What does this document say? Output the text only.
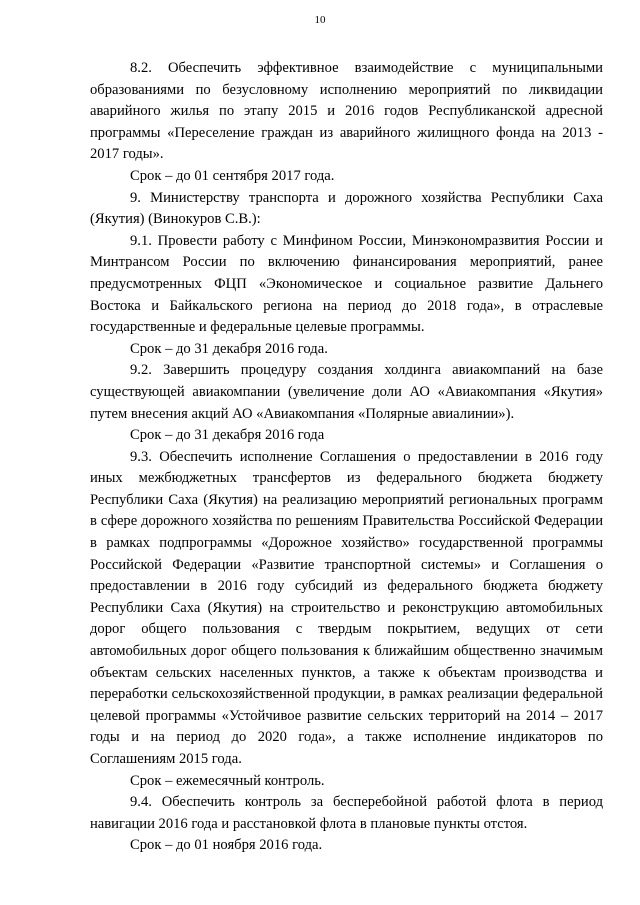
10

8.2. Обеспечить эффективное взаимодействие с муниципальными образованиями по безусловному исполнению мероприятий по ликвидации аварийного жилья по этапу 2015 и 2016 годов Республиканской адресной программы «Переселение граждан из аварийного жилищного фонда на 2013 - 2017 годы».

Срок – до 01 сентября 2017 года.

9. Министерству транспорта и дорожного хозяйства Республики Саха (Якутия) (Винокуров С.В.):

9.1. Провести работу с Минфином России, Минэкономразвития России и Минтрансом России по включению финансирования мероприятий, ранее предусмотренных ФЦП «Экономическое и социальное развитие Дальнего Востока и Байкальского региона на период до 2018 года», в отраслевые государственные и федеральные целевые программы.

Срок – до 31 декабря 2016 года.

9.2. Завершить процедуру создания холдинга авиакомпаний на базе существующей авиакомпании (увеличение доли АО «Авиакомпания «Якутия» путем внесения акций АО «Авиакомпания «Полярные авиалинии»).

Срок – до 31 декабря 2016 года

9.3. Обеспечить исполнение Соглашения о предоставлении в 2016 году иных межбюджетных трансфертов из федерального бюджета бюджету Республики Саха (Якутия) на реализацию мероприятий региональных программ в сфере дорожного хозяйства по решениям Правительства Российской Федерации в рамках подпрограммы «Дорожное хозяйство» государственной программы Российской Федерации «Развитие транспортной системы» и Соглашения о предоставлении в 2016 году субсидий из федерального бюджета бюджету Республики Саха (Якутия) на строительство и реконструкцию автомобильных дорог общего пользования с твердым покрытием, ведущих от сети автомобильных дорог общего пользования к ближайшим общественно значимым объектам сельских населенных пунктов, а также к объектам производства и переработки сельскохозяйственной продукции, в рамках реализации федеральной целевой программы «Устойчивое развитие сельских территорий на 2014 – 2017 годы и на период до 2020 года», а также исполнение индикаторов по Соглашениям 2015 года.

Срок – ежемесячный контроль.

9.4. Обеспечить контроль за бесперебойной работой флота в период навигации 2016 года и расстановкой флота в плановые пункты отстоя.

Срок – до 01 ноября 2016 года.
